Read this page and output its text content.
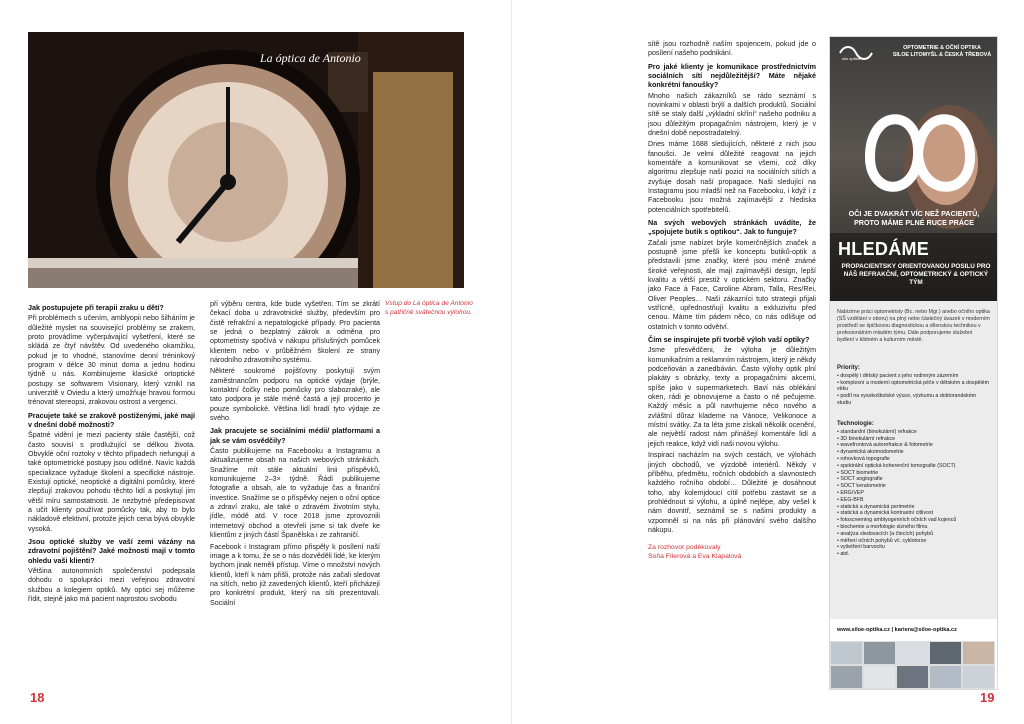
La óptica de Antonio
Vstup do La óptica de Antonio s patřičně svátečnou výlohou.
Jak postupujete při terapii zraku u dětí?

Při problémech s učením, amblyopii nebo šilháním je důležité myslet na související problémy se zrakem, proto provádíme vyčerpávající vyšetření, které se skládá ze čtyř návštěv. Od uvedeného okamžiku, pokud je to vhodné, stanovíme denní tréninkový program v délce 30 minut doma a jednu hodinu týdně u nás. Kombinujeme klasické ortoptické postupy se softwarem Visionary, který vznikl na univerzitě v Oviedu a který umožňuje hravou formou trénovat stereopsi, zrakovou ostrost a vergenci.

Pracujete také se zrakově postiženými, jaké mají v dnešní době možnosti?

Špatné vidění je mezi pacienty stále častější, což často souvisí s prodlužující se délkou života. Obvyklé oční roztoky v těchto případech nefungují a také optometrické postupy jsou odlišné. Navíc každá specializace vyžaduje školení a specifické nástroje. Existují optické, neoptické a digitální pomůcky, které zlepšují zrakovou pohodu těchto lidí a poskytují jim větší míru samostatnosti. Je nezbytné předepisovat a učit klienty používat pomůcky tak, aby to bylo nákladově efektivní, protože jejich cena bývá obvykle vysoká.

Jsou optické služby ve vaší zemi vázány na zdravotní pojištění? Jaké možnosti mají v tomto ohledu vaši klienti?

Většina autonomních společenství podepsala dohodu o spolupráci mezi veřejnou zdravotní službou a kolegiem optiků. My optici sej můžeme řídit, stejně jako má pacient naprostou svobodu

při výběru centra, kde bude vyšetřen. Tím se zkrátí čekací doba u zdravotnické služby, především pro čistě refrakční a nepatologické případy. Pro pacienta se jedná o bezplatný zákrok a odměna pro optometristy spočívá v nákupu příslušných pomůcek klientem nebo v průběžném školení ze strany národního zdravotního systému.

Některé soukromé pojišťovny poskytují svým zaměstnancům podporu na optické výdaje (brýle, kontaktní čočky nebo pomůcky pro slabozraké), ale tato podpora je stále méně častá a její procento je pouze symbolické. Většina lidí hradí tyto výdaje ze svého.

Jak pracujete se sociálními médii/ platformami a jak se vám osvědčily?

Často publikujeme na Facebooku a Instagramu a aktualizujeme obsah na našich webových stránkách. Snažíme mít stále aktuální linii příspěvků, komunikujeme 2–3× týdně. Řádí publikujeme fotografie a obsah, ale to vyžaduje čas a finanční investice. Snažíme se o příspěvky nejen o oční optice a zdraví zraku, ale také o zdravém životním stylu, jídle, módě atd. V roce 2018 jsme zprovoznili internetový obchod a otevřeli jsme si tak dveře ke klientům z jiných částí Španělska i ze zahraničí.

Facebook i Instagram přímo přispěly k posílení naší image a k tomu, že se o nás dozvěděli lidé, ke kterým bychom jinak neměli přístup. Víme o množství nových klientů, kteří k nám přišli, protože nás začali sledovat na sítích, nebo již zavedených klientů, kteří přicházejí pro konkrétní produkt, který na síti prezentovali. Sociální

18

sítě jsou rozhodně naším spojencem, pokud jde o posílení našeho podnikání.

Pro jaké klienty je komunikace prostřednictvím sociálních sítí nejdůležitější? Máte nějaké konkrétní fanoušky?

Mnoho našich zákazníků se rádo seznámí s novinkami v oblasti brýlí a dalších produktů. Sociální sítě se staly další „výkladní skříní“ našeho podniku a jsou důležitým propagačním nástrojem, který je v dnešní době nepostradatelný.

Dnes máme 1688 sledujících, některé z nich jsou fanoušci. Je velmi důležité reagovat na jejich komentáře a komunikovat se všemi, což díky algoritmu zlepšuje naši pozici na sociálních sítích a zvyšuje dosah naší propagace. Naši sledující na Instagramu jsou mladší než na Facebooku, i když i z Facebooku jsou možná zajímavější z hlediska potenciálních spotřebitelů.

Na svých webových stránkách uvádíte, že „spojujete butik s optikou“. Jak to funguje?

Začali jsme nabízet brýle komerčnějších značek a postupně jsme přešli ke konceptu butiků-optik a představili jsme značky, které jsou méně známé široké veřejnosti, ale mají zajímavější design, lepší kvalitu a větší prestiž v optickém sektoru. Značky jako Face à Face, Caroline Abram, Talla, Res/Rei, Oliver Peoples… Naši zákazníci tuto strategii přijali vstřícně, upřednostňují kvalitu a exkluzivitu před cenou. Máme tím pádem něco, co nás odlišuje od ostatních v tomto odvětví.

Čím se inspirujete při tvorbě výloh vaší optiky?

Jsme přesvědčeni, že výloha je důležitým komunikačním a reklamním nástrojem, který je někdy podceňován a zanedbáván. Často výlohy optik plní plakáty s obrázky, texty a propagačními akcemi, spíše jako v supermarketech. Baví nás oblékání oken, rádi je obnovujeme a často o ně pečujeme. Každý měsíc a půl navrhujeme něco nového a zvláštní důraz klademe na Vánoce, Velikonoce a místní svátky. Za ta léta jsme získali několik ocenění, ale největší radost nám přinášejí komentáře lidí a jejich reakce, když vidí naši novou výlohu.

Inspiraci nacházím na svých cestách, ve výlohách jiných obchodů, ve výzdobě interiérů. Někdy v příběhu, předmětu, ročních obdobích a slavnostech každého ročního období… Důležité je dosáhnout toho, aby kolemjdoucí cítil potřebu zastavit se a prohlédnout si výlohu, a úplně nejlépe, aby vešel k nám dovnitř, seznámil se s našimi produkty a vzpomněl si na nás při plánování svého dalšího nákupu.

Za rozhovor poděkovaly
Soňa Fílerová a Eva Klapalová
19
silo optika
OPTOMETRIE & OČNÍ OPTIKA
SILOE LITOMYŠL & ČESKÁ TŘEBOVÁ
OČI JE DVAKRÁT VÍC NEŽ PACIENTŮ,
PROTO MÁME PLNÉ RUCE PRÁCE
HLEDÁME
PROPACIENTSKY ORIENTOVANOU POSILU PRO NÁŠ REFRAKČNÍ, OPTOMETRICKÝ & OPTICKÝ TÝM
Nabízíme práci optometristy (Bc. nebo Mgr.) anebo očního optika (SŠ vzdělání v oboru) na plný nebo částečný úvazek v moderním prostředí se špičkovou diagnostickou a dílenskou technikou v profesionálním mladém týmu. Dále podporujeme služební bydlení v klidném a kulturním městě.
Priority:
• dospělý i dětský pacient s jeho rodinným zázemím
• komplexní a moderní optometrická péče v dětském a dospělém věku
• podíl na vysokoškolské výuce, výzkumu a doktorandském studiu
Technologie:
• standardní (binokulární) refrakce
• 3D binokulární refrakce
• wavefrontová autorefrakce & fotometrie
• dynamická akomodometrie
• rohovková topografie
• spektrální optická koherenční tomografie (SOCT)
• SOCT biometrie
• SOCT angiografie
• SOCT keratometrie
• ERG/VEP
• EEG-BFB
• statická a dynamická perimetrie
• statická a dynamická kontrastní citlivost
• fotoscreening amblyogenních očních vad kojenců
• biochemie a morfologie slzného filmu
• analýza sledovacích (a čtecích) pohybů
• měření očních pohybů vč. cyklotorze
• vyšetření barvocitu
• atd.
www.siloe-optika.cz | kariera@siloe-optika.cz
